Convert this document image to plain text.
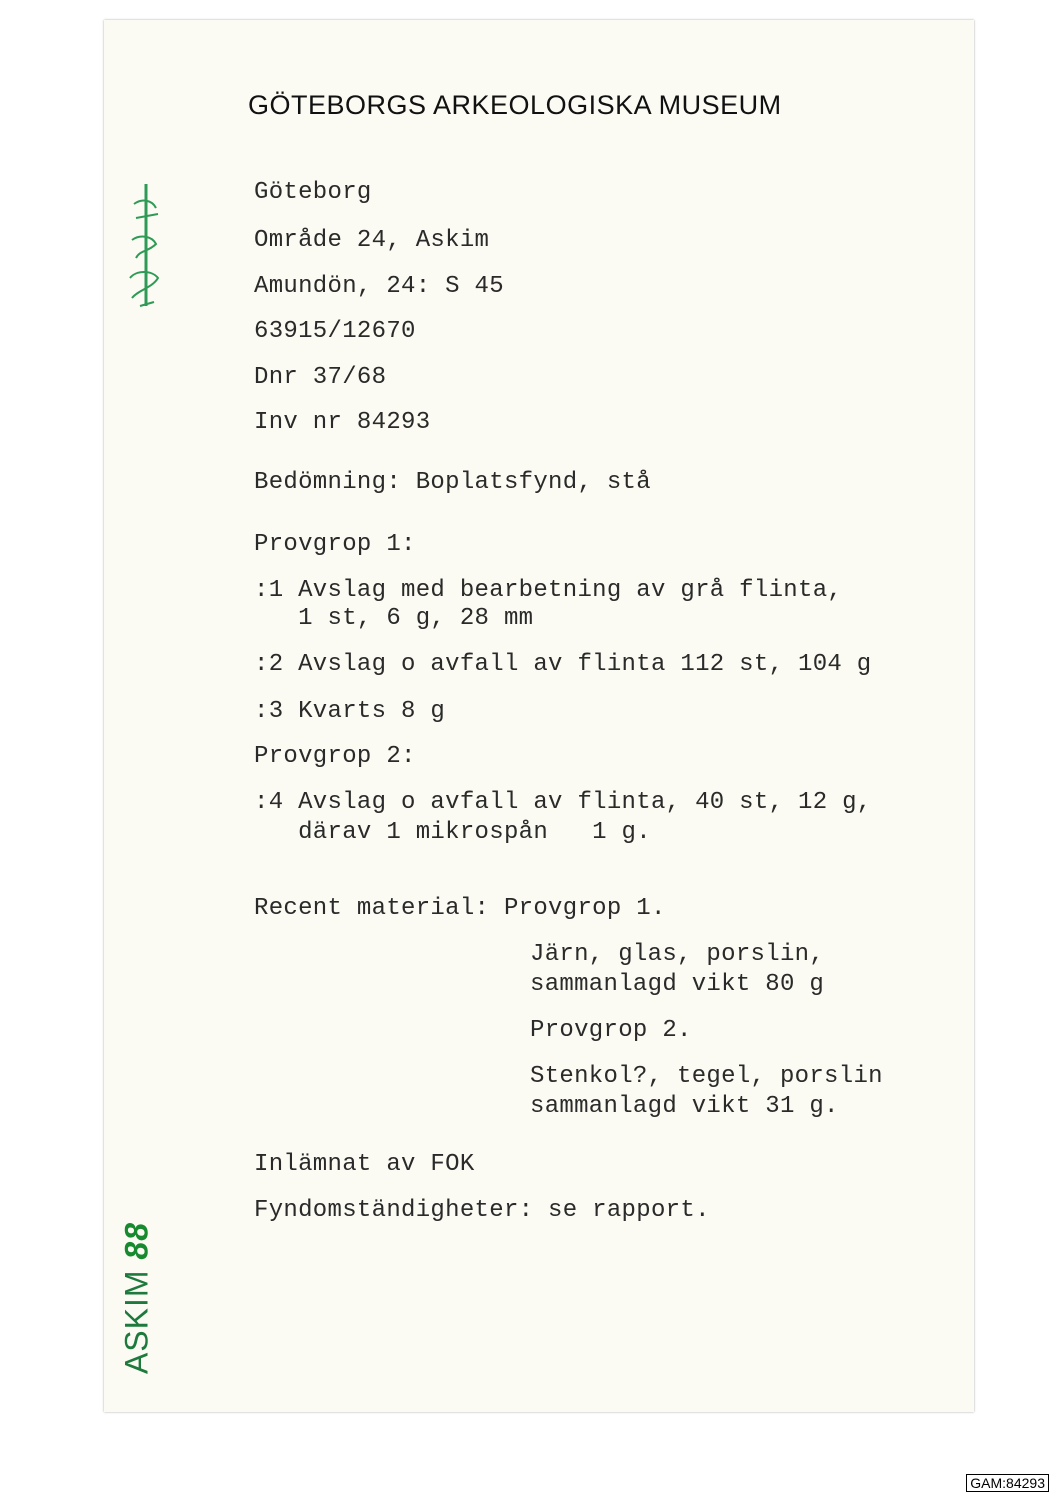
GÖTEBORGS ARKEOLOGISKA MUSEUM
Göteborg
Område 24, Askim
Amundön, 24: S 45
63915/12670
Dnr 37/68
Inv nr 84293
Bedömning: Boplatsfynd, stå
Provgrop 1:
:1 Avslag med bearbetning av grå flinta,
1 st, 6 g, 28 mm
:2 Avslag o avfall av flinta 112 st, 104 g
:3 Kvarts 8 g
Provgrop 2:
:4 Avslag o avfall av flinta, 40 st, 12 g,
därav 1 mikrospån   1 g.
Recent material: Provgrop 1.
Järn, glas, porslin,
sammanlagd vikt 80 g
Provgrop 2.
Stenkol?, tegel, porslin
sammanlagd vikt 31 g.
Inlämnat av FOK
Fyndomständigheter: se rapport.
ASKIM 88
GAM:84293
